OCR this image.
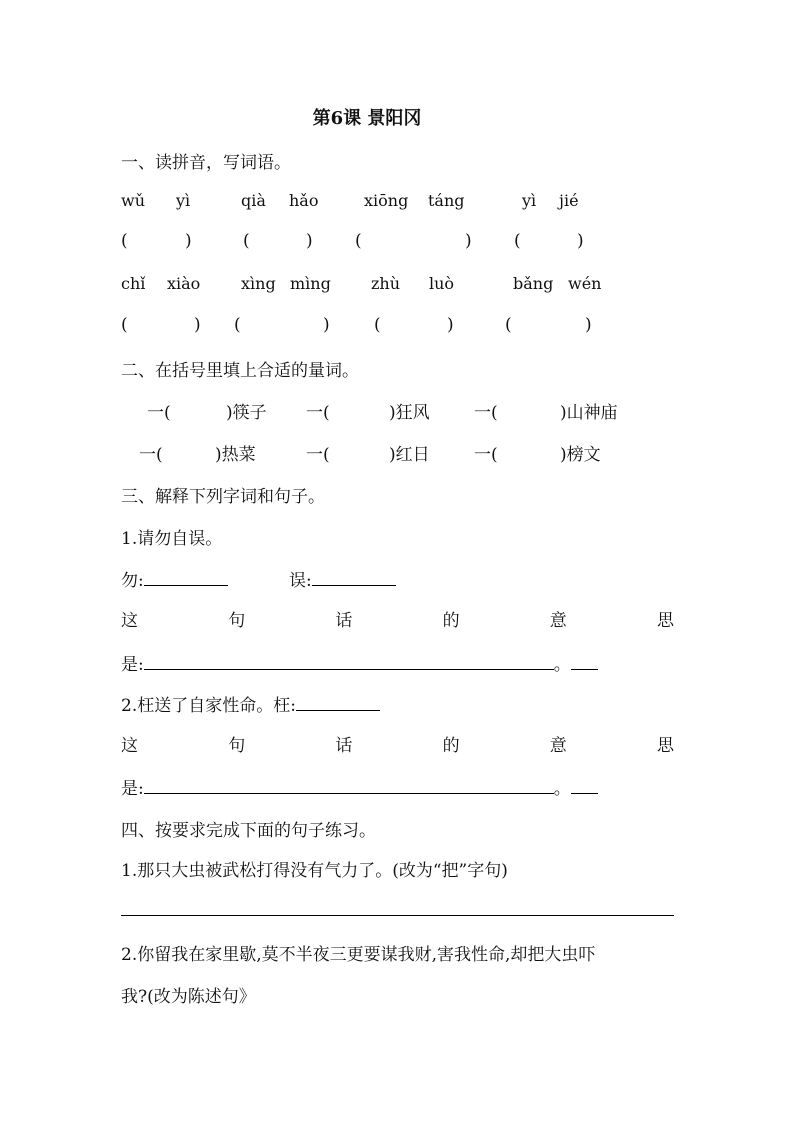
第6课 景阳冈
一、读拼音，写词语。
wǔ yì	qià hǎo	xiōng táng	yì jié
(	)	(	) (	) (	)
chǐ xiào	xìng mìng	zhù luò	bǎng wén
(	) (	)	(	)	(	)
二、在括号里填上合适的量词。
一(	)筷子 一(	)狂风	一(	)山神庙
一(	)热菜	一(	)红日	一(	)榜文
三、解释下列字词和句子。
1.请勿自误。
勿:	误:
这	句	话	的	意	思
是:	。
2.枉送了自家性命。枉:
这	句	话	的	意	思
是:	。
四、按要求完成下面的句子练习。
1.那只大虫被武松打得没有气力了。(改为“把”字句)
2.你留我在家里歇,莫不半夜三更要谋我财,害我性命,却把大虫吓
我?(改为陈述句》
